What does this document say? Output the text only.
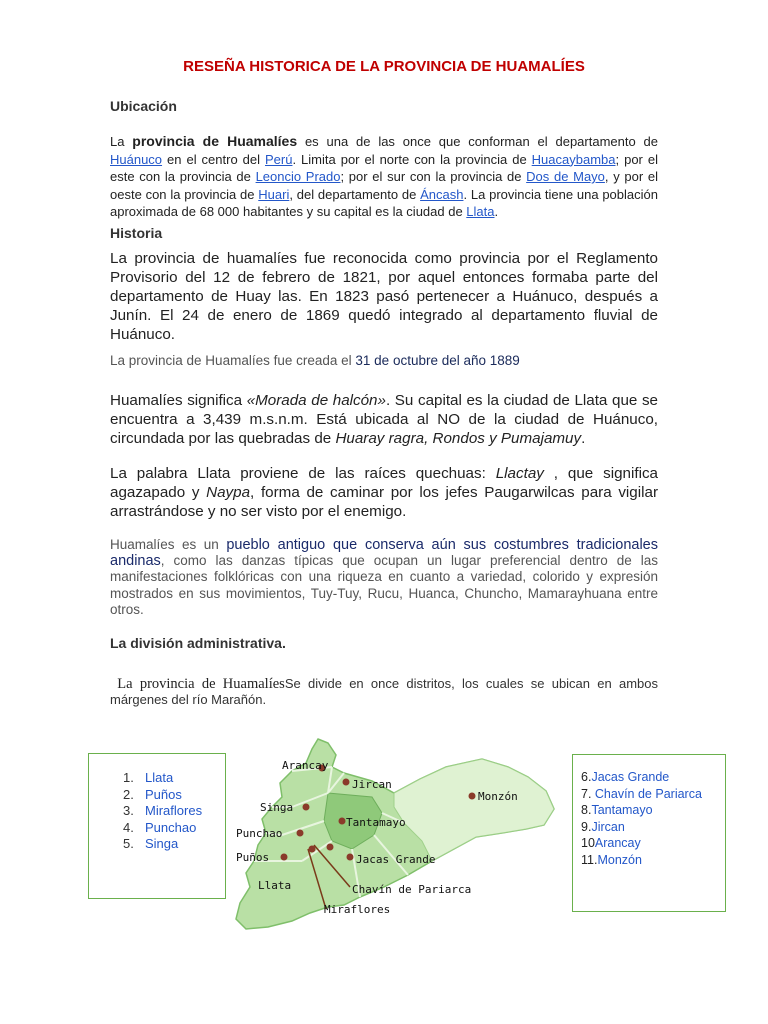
RESEÑA HISTORICA DE LA PROVINCIA DE HUAMALÍES
Ubicación
La provincia de Huamalíes es una de las once que conforman el departamento de Huánuco en el centro del Perú. Limita por el norte con la provincia de Huacaybamba; por el este con la provincia de Leoncio Prado; por el sur con la provincia de Dos de Mayo, y por el oeste con la provincia de Huari, del departamento de Áncash. La provincia tiene una población aproximada de 68 000 habitantes y su capital es la ciudad de Llata.
Historia
La provincia de huamalíes fue reconocida como provincia por el Reglamento Provisorio del 12 de febrero de 1821, por aquel entonces formaba parte del departamento de Huay las. En 1823 pasó pertenecer a Huánuco, después a Junín. El 24 de enero de 1869 quedó integrado al departamento fluvial de Huánuco.
La provincia de Huamalíes fue creada el 31 de octubre del año 1889
Huamalíes significa «Morada de halcón». Su capital es la ciudad de Llata que se encuentra a 3,439 m.s.n.m. Está ubicada al NO de la ciudad de Huánuco, circundada por las quebradas de Huaray ragra, Rondos y Pumajamuy.
La palabra Llata proviene de las raíces quechuas: Llactay , que significa agazapado y Naypa, forma de caminar por los jefes Paugarwilcas para vigilar arrastrándose y no ser visto por el enemigo.
Huamalíes es un pueblo antiguo que conserva aún sus costumbres tradicionales andinas, como las danzas típicas que ocupan un lugar preferencial dentro de las manifestaciones folklóricas con una riqueza en cuanto a variedad, colorido y expresión mostrados en sus movimientos, Tuy-Tuy, Rucu, Huanca, Chuncho, Mamarayhuana entre otros.
La división administrativa.
La provincia de HuamalíesSe divide en once distritos, los cuales se ubican en ambos márgenes del río Marañón.
1. Llata
2. Puños
3. Miraflores
4. Punchao
5. Singa
Arancay
Jircan
Monzón
Singa
Tantamayo
Punchao
Puños	Jacas Grande
Llata	Chavín de Pariarca
Miraflores
6.Jacas Grande
7. Chavín de Pariarca
8.Tantamayo
9.Jircan
10Arancay
11.Monzón
